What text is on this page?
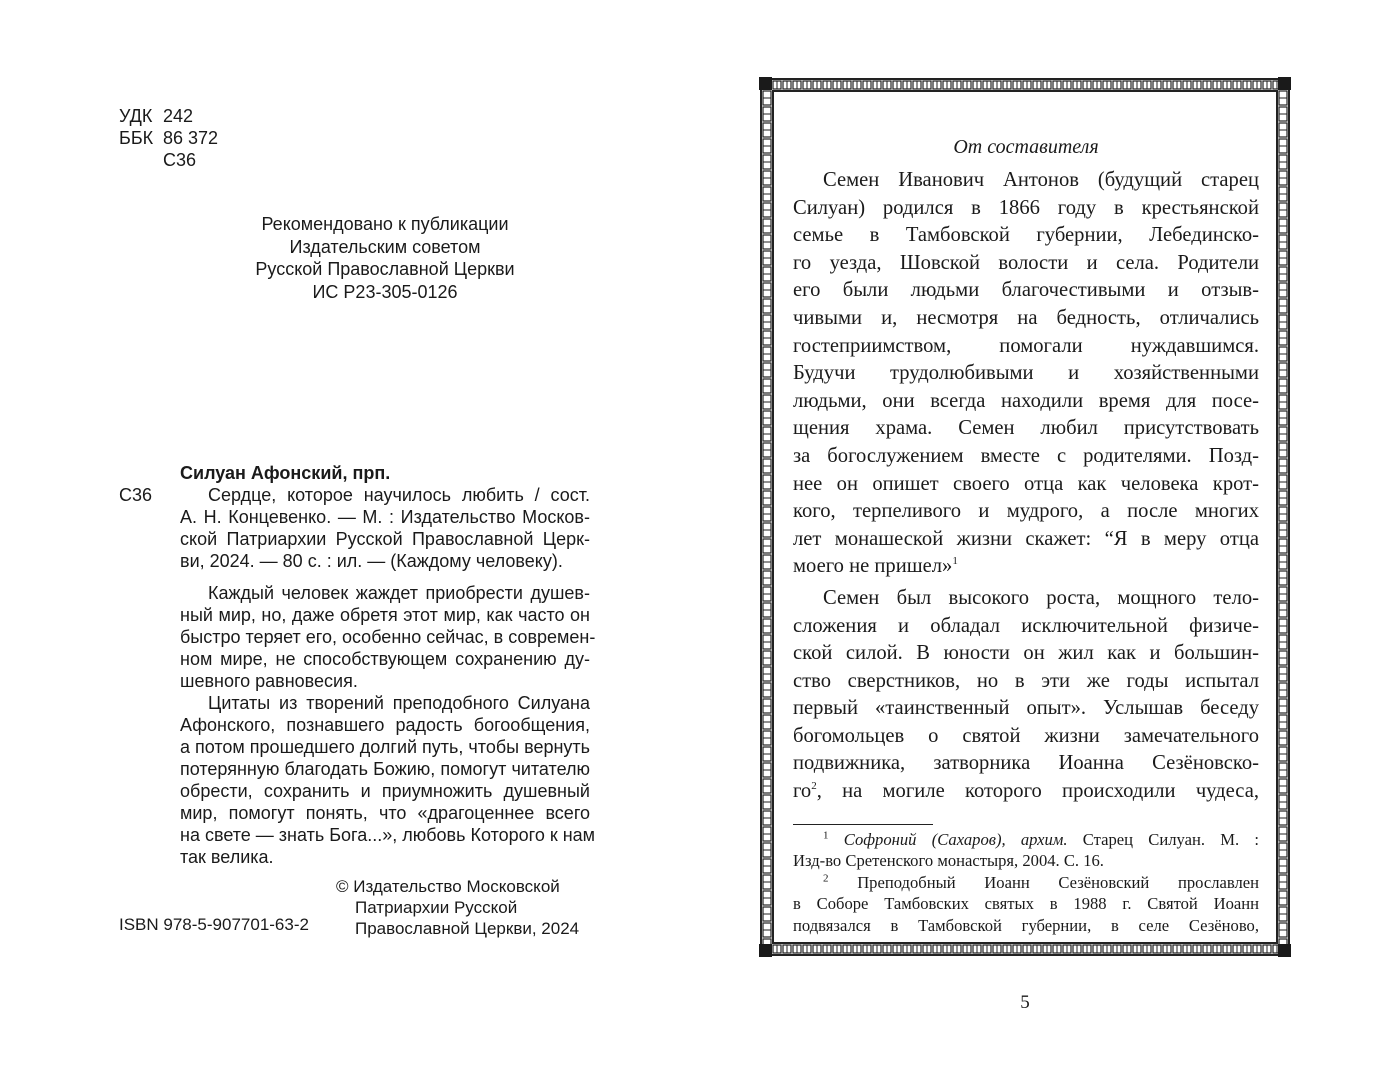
УДК 242
ББК 86 372
С36
Рекомендовано к публикации
Издательским советом
Русской Православной Церкви
ИС Р23-305-0126
С36
Силуан Афонский, прп.
Сердце, которое научилось любить / сост.
А. Н. Концевенко. — М. : Издательство Москов-
ской Патриархии Русской Православной Церк-
ви, 2024. — 80 с. : ил. — (Каждому человеку).
Каждый человек жаждет приобрести душев-
ный мир, но, даже обретя этот мир, как часто он
быстро теряет его, особенно сейчас, в современ-
ном мире, не способствующем сохранению ду-
шевного равновесия.
Цитаты из творений преподобного Силуана
Афонского, познавшего радость богообщения,
а потом прошедшего долгий путь, чтобы вернуть
потерянную благодать Божию, помогут читателю
обрести, сохранить и приумножить душевный
мир, помогут понять, что «драгоценнее всего
на свете — знать Бога...», любовь Которого к нам
так велика.
© Издательство Московской
Патриархии Русской
Православной Церкви, 2024
ISBN 978-5-907701-63-2
От составителя
Семен Иванович Антонов (будущий старец
Силуан) родился в 1866 году в крестьянской
семье в Тамбовской губернии, Лебединско-
го уезда, Шовской волости и села. Родители
его были людьми благочестивыми и отзыв-
чивыми и, несмотря на бедность, отличались
гостеприимством, помогали нуждавшимся.
Будучи трудолюбивыми и хозяйственными
людьми, они всегда находили время для посе-
щения храма. Семен любил присутствовать
за богослужением вместе с родителями. Позд-
нее он опишет своего отца как человека крот-
кого, терпеливого и мудрого, а после многих
лет монашеской жизни скажет: “Я в меру отца
моего не пришел»$^1$
Семен был высокого роста, мощного тело-
сложения и обладал исключительной физиче-
ской силой. В юности он жил как и большин-
ство сверстников, но в эти же годы испытал
первый «таинственный опыт». Услышав беседу
богомольцев о святой жизни замечательного
подвижника, затворника Иоанна Сезёновско-
$го^2$, на могиле которого происходили чудеса,
$^1$ Софроний (Сахаров), архим. Старец Силуан. М. :
Изд-во Сретенского монастыря, 2004. С. 16.
$^2$ Преподобный Иоанн Сезёновский прославлен
в Соборе Тамбовских святых в 1988 г. Святой Иоанн
подвязался в Тамбовской губернии, в селе Сезёново,
5
